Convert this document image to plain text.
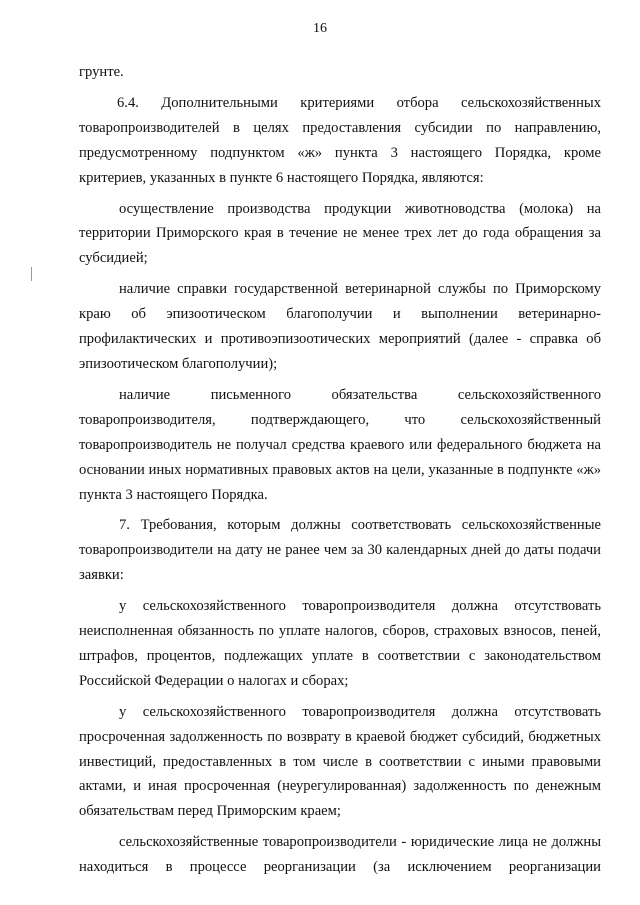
16

грунте.

6.4. Дополнительными критериями отбора сельскохозяйственных товаропроизводителей в целях предоставления субсидии по направлению, предусмотренному подпунктом «ж» пункта 3 настоящего Порядка, кроме критериев, указанных в пункте 6 настоящего Порядка, являются:

осуществление производства продукции животноводства (молока) на территории Приморского края в течение не менее трех лет до года обращения за субсидией;

наличие справки государственной ветеринарной службы по Приморскому краю об эпизоотическом благополучии и выполнении ветеринарно-профилактических и противоэпизоотических мероприятий (далее - справка об эпизоотическом благополучии);

наличие письменного обязательства сельскохозяйственного товаропроизводителя, подтверждающего, что сельскохозяйственный товаропроизводитель не получал средства краевого или федерального бюджета на основании иных нормативных правовых актов на цели, указанные в подпункте «ж» пункта 3 настоящего Порядка.

7. Требования, которым должны соответствовать сельскохозяйственные товаропроизводители на дату не ранее чем за 30 календарных дней до даты подачи заявки:

у сельскохозяйственного товаропроизводителя должна отсутствовать неисполненная обязанность по уплате налогов, сборов, страховых взносов, пеней, штрафов, процентов, подлежащих уплате в соответствии с законодательством Российской Федерации о налогах и сборах;

у сельскохозяйственного товаропроизводителя должна отсутствовать просроченная задолженность по возврату в краевой бюджет субсидий, бюджетных инвестиций, предоставленных в том числе в соответствии с иными правовыми актами, и иная просроченная (неурегулированная) задолженность по денежным обязательствам перед Приморским краем;

сельскохозяйственные товаропроизводители - юридические лица не должны находиться в процессе реорганизации (за исключением реорганизации
